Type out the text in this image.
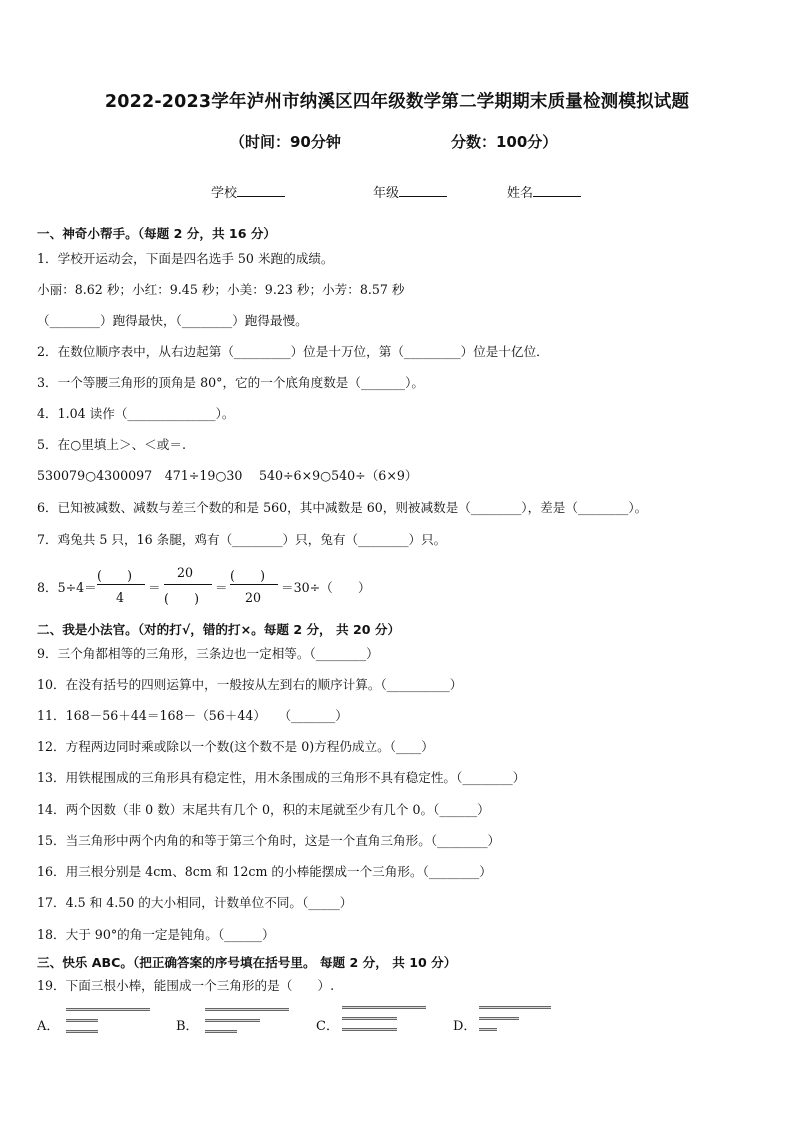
2022-2023学年泸州市纳溪区四年级数学第二学期期末质量检测模拟试题
（时间：90分钟	分数：100分）
学校	年级	姓名
一、神奇小帮手。（每题 2 分，共 16 分）
1．学校开运动会，下面是四名选手 50 米跑的成绩。
小丽：8.62 秒；小红：9.45 秒；小美：9.23 秒；小芳：8.57 秒
（________）跑得最快，（________）跑得最慢。
2．在数位顺序表中，从右边起第（_________）位是十万位，第（_________）位是十亿位．
3．一个等腰三角形的顶角是 80°，它的一个底角度数是（_______）。
4．1.04 读作（______________）。
5．在○里填上＞、＜或＝.
530079○4300097　471÷19○30　 540÷6×9○540÷（6×9）
6．已知被减数、减数与差三个数的和是 560，其中减数是 60，则被减数是（________），差是（________）。
7．鸡兔共 5 只，16 条腿，鸡有（________）只，兔有（________）只。
8．5÷4＝
(　　)
4
＝
20
(　　)
＝
(　　)
20
＝30÷（　　）
二、我是小法官。（对的打√，错的打×。每题 2 分， 共 20 分）
9．三个角都相等的三角形，三条边也一定相等。（________）
10．在没有括号的四则运算中，一般按从左到右的顺序计算。（__________）
11．168－56＋44＝168－（56＋44）　　（_______）
12．方程两边同时乘或除以一个数(这个数不是 0)方程仍成立。（____）
13．用铁棍围成的三角形具有稳定性，用木条围成的三角形不具有稳定性。（________）
14．两个因数（非 0 数）末尾共有几个 0，积的末尾就至少有几个 0。（______）
15．当三角形中两个内角的和等于第三个角时，这是一个直角三角形。（________）
16．用三根分别是 4cm、8cm 和 12cm 的小棒能摆成一个三角形。（________）
17．4.5 和 4.50 的大小相同，计数单位不同。（_____）
18．大于 90°的角一定是钝角。（______）
三、快乐 ABC。（把正确答案的序号填在括号里。 每题 2 分， 共 10 分）
19．下面三根小棒，能围成一个三角形的是（　　）.
A．	B．	C．	D．
